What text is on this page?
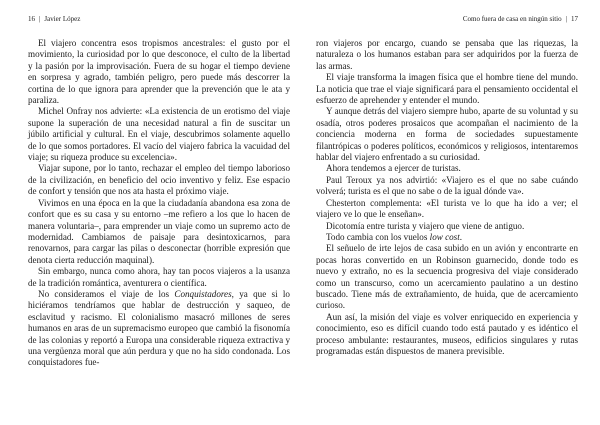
16 | Javier López

El viajero concentra esos tropismos ancestrales: el gusto por el movimiento, la curiosidad por lo que desconoce, el culto de la libertad y la pasión por la improvisación. Fuera de su hogar el tiempo deviene en sorpresa y agrado, también peligro, pero puede más descorrer la cortina de lo que ignora para aprender que la prevención que le ata y paraliza.

Michel Onfray nos advierte: «La existencia de un erotismo del viaje supone la superación de una necesidad natural a fin de suscitar un júbilo artificial y cultural. En el viaje, descubrimos solamente aquello de lo que somos portadores. El vacío del viajero fabrica la vacuidad del viaje; su riqueza produce su excelencia».

Viajar supone, por lo tanto, rechazar el empleo del tiempo laborioso de la civilización, en beneficio del ocio inventivo y feliz. Ese espacio de confort y tensión que nos ata hasta el próximo viaje.

Vivimos en una época en la que la ciudadanía abandona esa zona de confort que es su casa y su entorno –me refiero a los que lo hacen de manera voluntaria–, para emprender un viaje como un supremo acto de modernidad. Cambiamos de paisaje para desintoxicarnos, para renovarnos, para cargar las pilas o desconectar (horrible expresión que denota cierta reducción maquinal).

Sin embargo, nunca como ahora, hay tan pocos viajeros a la usanza de la tradición romántica, aventurera o científica.

No consideramos el viaje de los Conquistadores, ya que si lo hiciéramos tendríamos que hablar de destrucción y saqueo, de esclavitud y racismo. El colonialismo masacró millones de seres humanos en aras de un supremacismo europeo que cambió la fisonomía de las colonias y reportó a Europa una considerable riqueza extractiva y una vergüenza moral que aún perdura y que no ha sido condonada. Los conquistadores fue-

Como fuera de casa en ningún sitio | 17

ron viajeros por encargo, cuando se pensaba que las riquezas, la naturaleza o los humanos estaban para ser adquiridos por la fuerza de las armas.

El viaje transforma la imagen física que el hombre tiene del mundo. La noticia que trae el viaje significará para el pensamiento occidental el esfuerzo de aprehender y entender el mundo.

Y aunque detrás del viajero siempre hubo, aparte de su voluntad y su osadía, otros poderes prosaicos que acompañan el nacimiento de la conciencia moderna en forma de sociedades supuestamente filantrópicas o poderes políticos, económicos y religiosos, intentaremos hablar del viajero enfrentado a su curiosidad.

Ahora tendemos a ejercer de turistas.

Paul Teroux ya nos advirtió: «Viajero es el que no sabe cuándo volverá; turista es el que no sabe o de la igual dónde va».

Chesterton complementa: «El turista ve lo que ha ido a ver; el viajero ve lo que le enseñan».

Dicotomía entre turista y viajero que viene de antiguo.

Todo cambia con los vuelos low cost.

El señuelo de irte lejos de casa subido en un avión y encontrarte en pocas horas convertido en un Robinson guarnecido, donde todo es nuevo y extraño, no es la secuencia progresiva del viaje considerado como un transcurso, como un acercamiento paulatino a un destino buscado. Tiene más de extrañamiento, de huida, que de acercamiento curioso.

Aun así, la misión del viaje es volver enriquecido en experiencia y conocimiento, eso es difícil cuando todo está pautado y es idéntico el proceso ambulante: restaurantes, museos, edificios singulares y rutas programadas están dispuestos de manera previsible.
